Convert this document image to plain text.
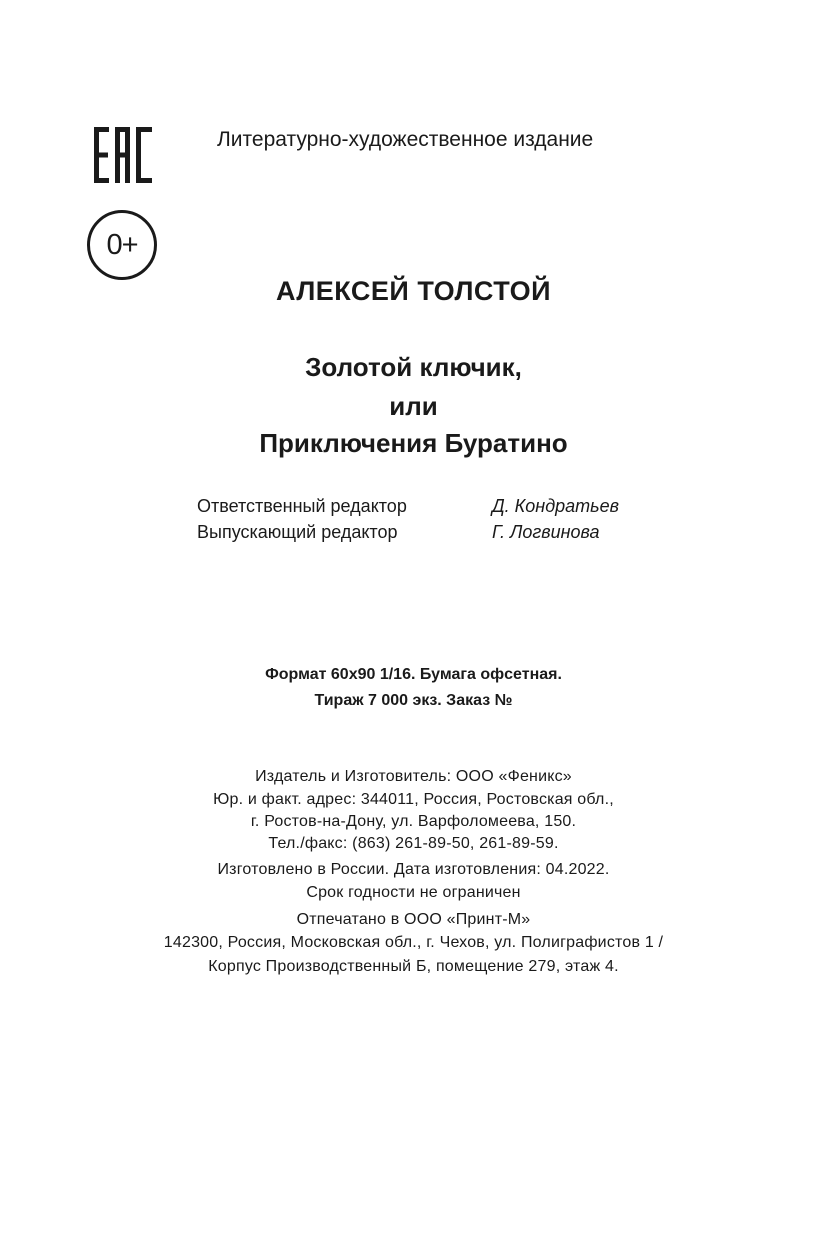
0+
Литературно-художественное издание
АЛЕКСЕЙ ТОЛСТОЙ
Золотой ключик,
или
Приключения Буратино
Ответственный редактор	Д. Кондратьев
Выпускающий редактор	Г. Логвинова
Формат 60x90 1/16. Бумага офсетная.
Тираж 7 000 экз. Заказ №
Издатель и Изготовитель: ООО «Феникс»
Юр. и факт. адрес: 344011, Россия, Ростовская обл.,
г. Ростов-на-Дону, ул. Варфоломеева, 150.
Тел./факс: (863) 261-89-50, 261-89-59.
Изготовлено в России. Дата изготовления: 04.2022.
Срок годности не ограничен
Отпечатано в ООО «Принт-М»
142300, Россия, Московская обл., г. Чехов, ул. Полиграфистов 1 /
Корпус Производственный Б, помещение 279, этаж 4.
